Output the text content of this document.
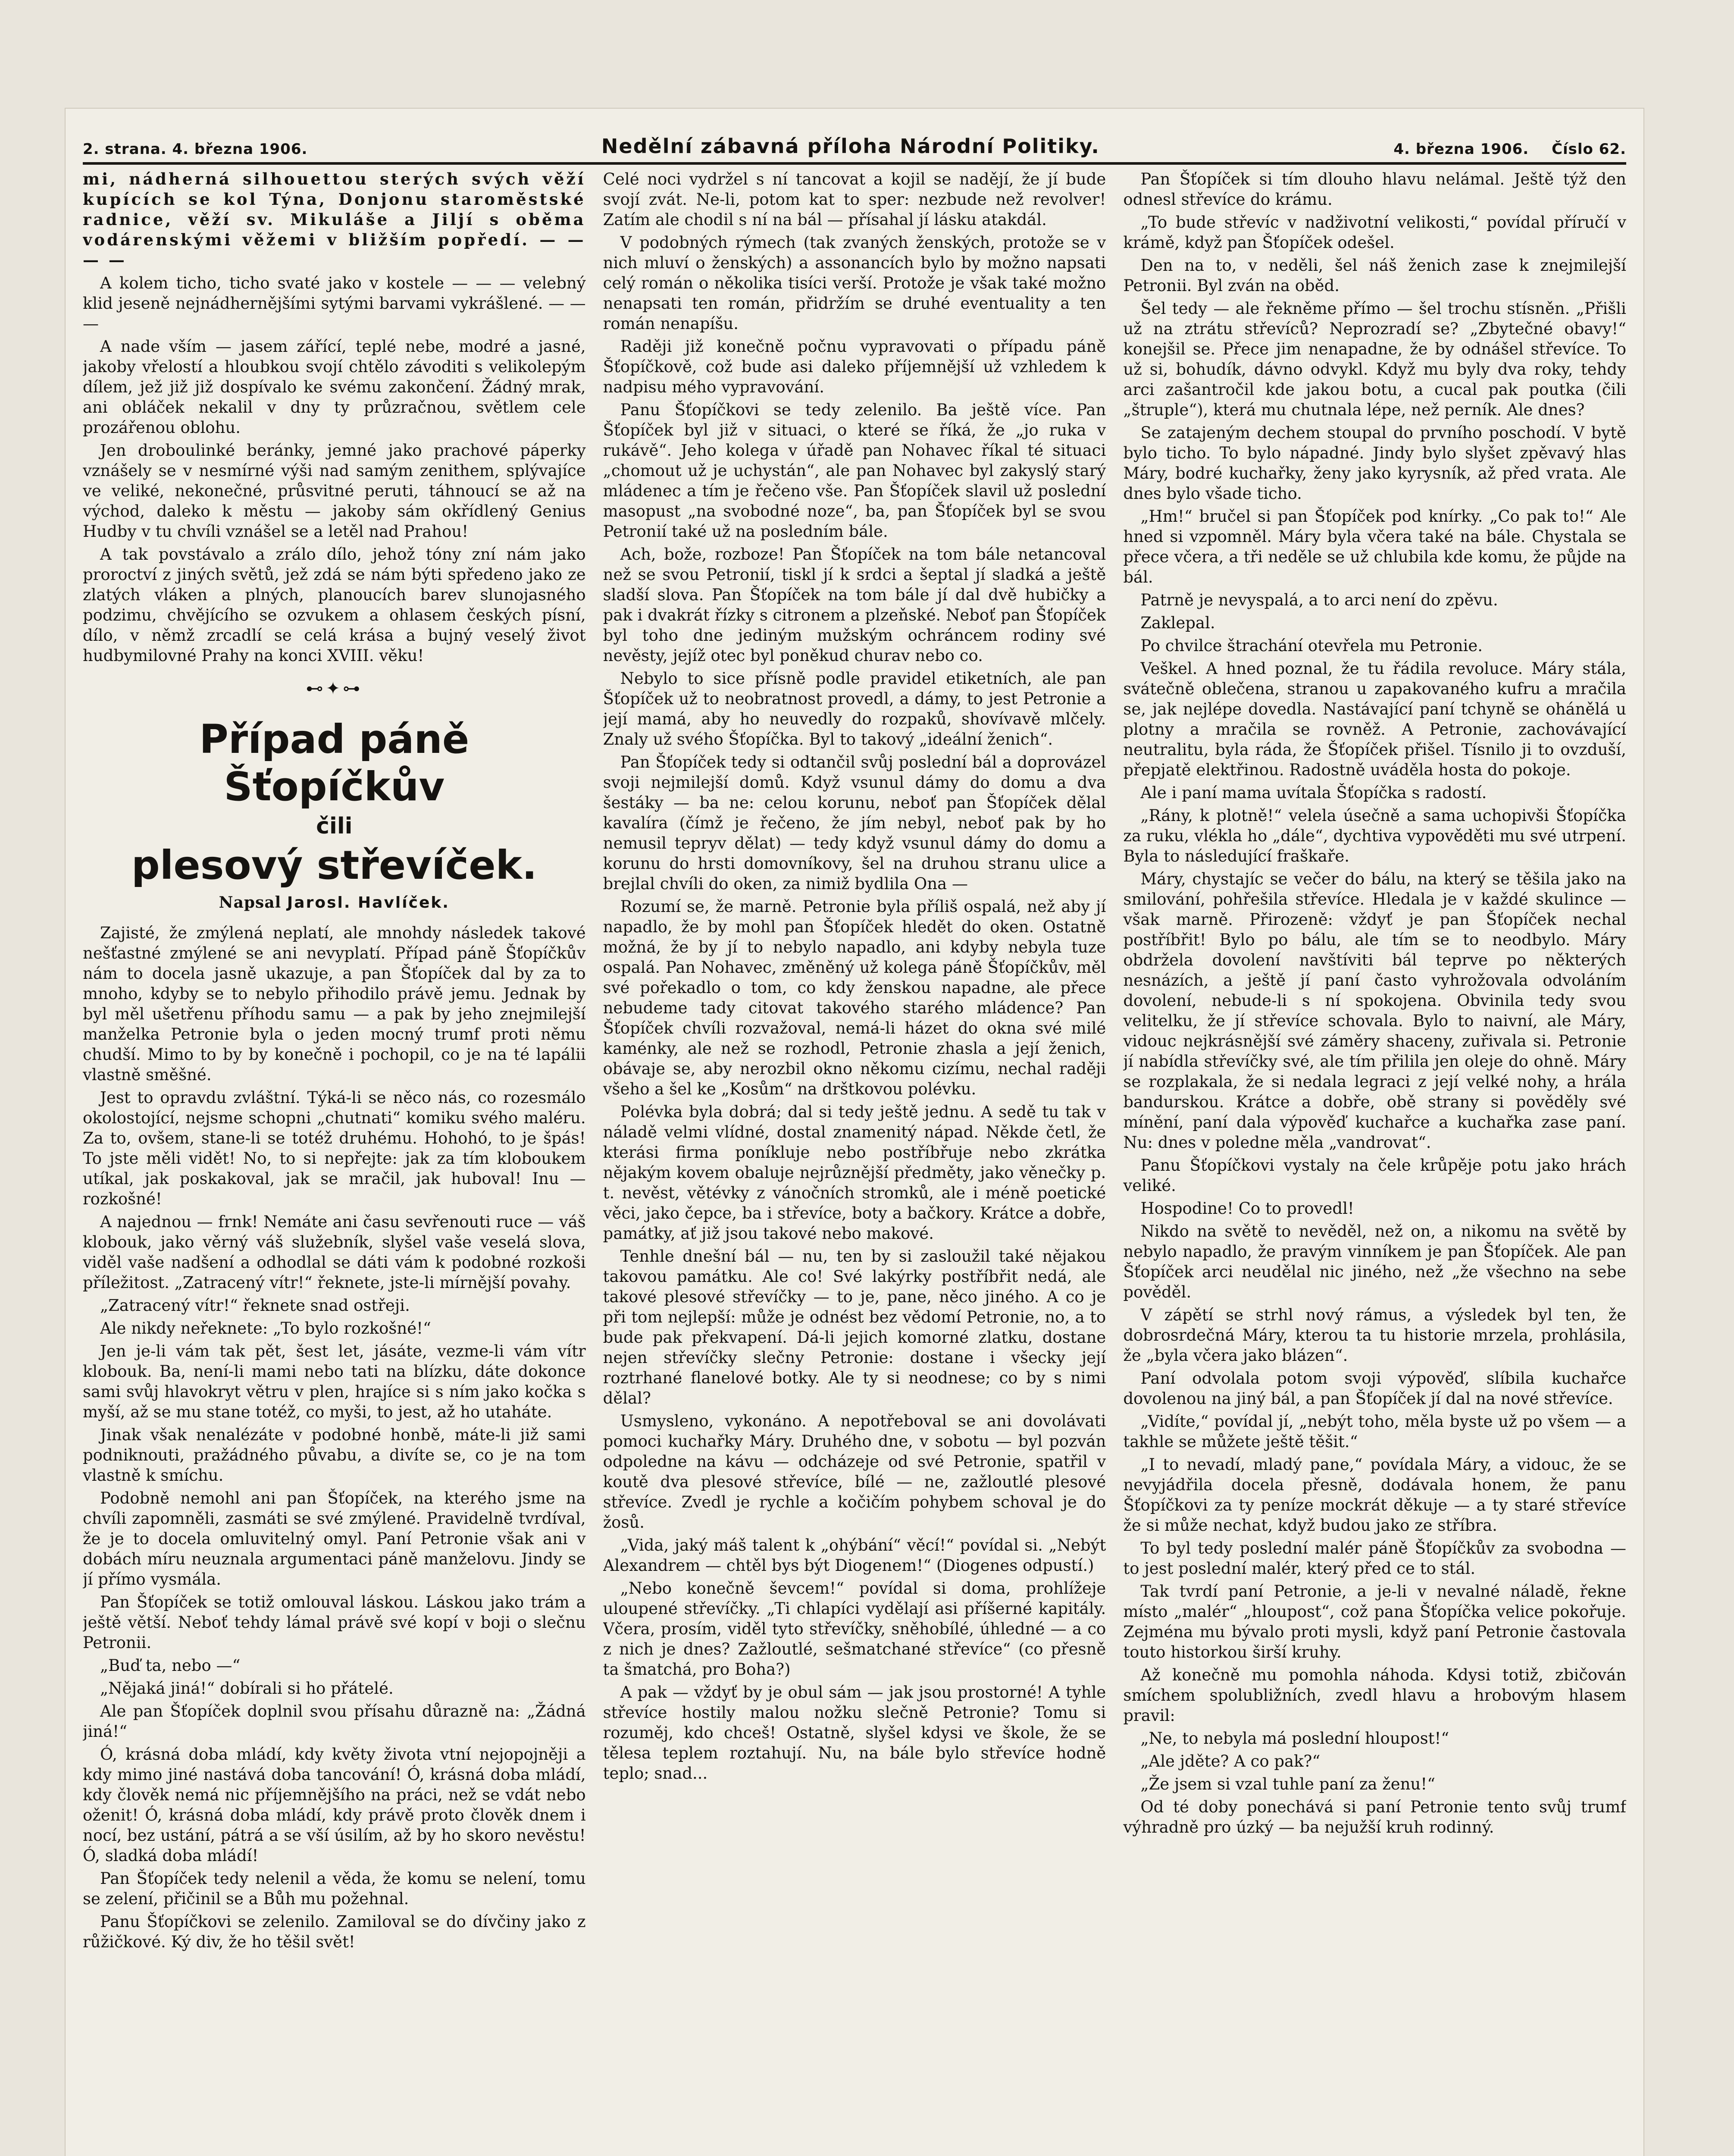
2. strana. 4. března 1906.	Nedělní zábavná příloha Národní Politiky.	4. března 1906. Číslo 62.

mi, nádherná silhouettou sterých svých věží kupících se kol Týna, Donjonu staroměstské radnice, věží sv. Mikuláše a Jiljí s oběma vodárenskými věžemi v bližším popředí. — — — —

A kolem ticho, ticho svaté jako v kostele — — — velebný klid jeseně nejnádhernějšími sytými barvami vykrášlené. — — —

A nade vším — jasem zářící, teplé nebe, modré a jasné, jakoby vřelostí a hloubkou svojí chtělo závoditi s velikolepým dílem, jež již již dospívalo ke svému zakončení. Žádný mrak, ani obláček nekalil v dny ty průzračnou, světlem cele prozářenou oblohu.

Jen droboulinké beránky, jemné jako prachové páperky vznášely se v nesmírné výši nad samým zenithem, splývajíce ve veliké, nekonečné, průsvitné peruti, táhnoucí se až na východ, daleko k městu — jakoby sám okřídlený Genius Hudby v tu chvíli vznášel se a letěl nad Prahou!

A tak povstávalo a zrálo dílo, jehož tóny zní nám jako proroctví z jiných světů, jež zdá se nám býti spředeno jako ze zlatých vláken a plných, planoucích barev slunojasného podzimu, chvějícího se ozvukem a ohlasem českých písní, dílo, v němž zrcadlí se celá krása a bujný veselý život hudbymilovné Prahy na konci XVIII. věku!

⊷✦⊶
Případ páně Šťopíčkův
čili
plesový střevíček.
Napsal Jarosl. Havlíček.

Zajisté, že zmýlená neplatí, ale mnohdy následek takové nešťastné zmýlené se ani nevyplatí. Případ páně Šťopíčkův nám to docela jasně ukazuje, a pan Šťopíček dal by za to mnoho, kdyby se to nebylo přihodilo právě jemu. Jednak by byl měl ušetřenu příhodu samu — a pak by jeho znejmilejší manželka Petronie byla o jeden mocný trumf proti němu chudší. Mimo to by by konečně i pochopil, co je na té lapálii vlastně směšné.

Jest to opravdu zvláštní. Týká-li se něco nás, co rozesmálo okolostojící, nejsme schopni „chutnati“ komiku svého maléru. Za to, ovšem, stane-li se totéž druhému. Hohohó, to je špás! To jste měli vidět! No, to si nepřejte: jak za tím kloboukem utíkal, jak poskakoval, jak se mračil, jak huboval! Inu — rozkošné!

A najednou — frnk! Nemáte ani času sevřenouti ruce — váš klobouk, jako věrný váš služebník, slyšel vaše veselá slova, viděl vaše nadšení a odhodlal se dáti vám k podobné rozkoši příležitost. „Zatracený vítr!“ řeknete, jste-li mírnější povahy.

„Zatracený vítr!“ řeknete snad ostřeji.

Ale nikdy neřeknete: „To bylo rozkošné!“

Jen je-li vám tak pět, šest let, jásáte, vezme-li vám vítr klobouk. Ba, není-li mami nebo tati na blízku, dáte dokonce sami svůj hlavokryt větru v plen, hrajíce si s ním jako kočka s myší, až se mu stane totéž, co myši, to jest, až ho utaháte.

Jinak však nenalézáte v podobné honbě, máte-li již sami podniknouti, pražádného půvabu, a divíte se, co je na tom vlastně k smíchu.

Podobně nemohl ani pan Šťopíček, na kterého jsme na chvíli zapomněli, zasmáti se své zmýlené. Pravidelně tvrdíval, že je to docela omluvitelný omyl. Paní Petronie však ani v dobách míru neuznala argumentaci páně manželovu. Jindy se jí přímo vysmála.

Pan Šťopíček se totiž omlouval láskou. Láskou jako trám a ještě větší. Neboť tehdy lámal právě své kopí v boji o slečnu Petronii.

„Buď ta, nebo —“

„Nějaká jiná!“ dobírali si ho přátelé.

Ale pan Šťopíček doplnil svou přísahu důrazně na: „Žádná jiná!“

Ó, krásná doba mládí, kdy květy života vtní nejopojněji a kdy mimo jiné nastává doba tancování! Ó, krásná doba mládí, kdy člověk nemá nic příjemnějšího na práci, než se vdát nebo oženit! Ó, krásná doba mládí, kdy právě proto člověk dnem i nocí, bez ustání, pátrá a se vší úsilím, až by ho skoro nevěstu! Ó, sladká doba mládí!

Pan Šťopíček tedy nelenil a věda, že komu se nelení, tomu se zelení, přičinil se a Bůh mu požehnal.

Panu Šťopíčkovi se zelenilo. Zamiloval se do dívčiny jako z růžičkové. Ký div, že ho těšil svět!

Celé noci vydržel s ní tancovat a kojil se nadějí, že jí bude svojí zvát. Ne-li, potom kat to sper: nezbude než revolver! Zatím ale chodil s ní na bál — přísahal jí lásku atakdál.

V podobných rýmech (tak zvaných ženských, protože se v nich mluví o ženských) a assonancích bylo by možno napsati celý román o několika tisíci verší. Protože je však také možno nenapsati ten román, přidržím se druhé eventuality a ten román nenapíšu.

Raději již konečně počnu vypravovati o případu páně Šťopíčkově, což bude asi daleko příjemnější už vzhledem k nadpisu mého vypravování.

Panu Šťopíčkovi se tedy zelenilo. Ba ještě více. Pan Šťopíček byl již v situaci, o které se říká, že „jo ruka v rukávě“. Jeho kolega v úřadě pan Nohavec říkal té situaci „chomout už je uchystán“, ale pan Nohavec byl zakyslý starý mládenec a tím je řečeno vše. Pan Šťopíček slavil už poslední masopust „na svobodné noze“, ba, pan Šťopíček byl se svou Petronií také už na posledním bále.

Ach, bože, rozboze! Pan Šťopíček na tom bále netancoval než se svou Petronií, tiskl jí k srdci a šeptal jí sladká a ještě sladší slova. Pan Šťopíček na tom bále jí dal dvě hubičky a pak i dvakrát řízky s citronem a plzeňské. Neboť pan Šťopíček byl toho dne jediným mužským ochráncem rodiny své nevěsty, jejíž otec byl poněkud churav nebo co.

Nebylo to sice přísně podle pravidel etiketních, ale pan Šťopíček už to neobratnost provedl, a dámy, to jest Petronie a její mamá, aby ho neuvedly do rozpaků, shovívavě mlčely. Znaly už svého Šťopíčka. Byl to takový „ideální ženich“.

Pan Šťopíček tedy si odtančil svůj poslední bál a doprovázel svoji nejmilejší domů. Když vsunul dámy do domu a dva šestáky — ba ne: celou korunu, neboť pan Šťopíček dělal kavalíra (čímž je řečeno, že jím nebyl, neboť pak by ho nemusil tepryv dělat) — tedy když vsunul dámy do domu a korunu do hrsti domovníkovy, šel na druhou stranu ulice a brejlal chvíli do oken, za nimiž bydlila Ona —

Rozumí se, že marně. Petronie byla příliš ospalá, než aby jí napadlo, že by mohl pan Šťopíček hledět do oken. Ostatně možná, že by jí to nebylo napadlo, ani kdyby nebyla tuze ospalá. Pan Nohavec, změněný už kolega páně Šťopíčkův, měl své pořekadlo o tom, co kdy ženskou napadne, ale přece nebudeme tady citovat takového starého mládence? Pan Šťopíček chvíli rozvažoval, nemá-li házet do okna své milé kaménky, ale než se rozhodl, Petronie zhasla a její ženich, obávaje se, aby nerozbil okno někomu cizímu, nechal raději všeho a šel ke „Kosům“ na drštkovou polévku.

Polévka byla dobrá; dal si tedy ještě jednu. A sedě tu tak v náladě velmi vlídné, dostal znamenitý nápad. Někde četl, že kterási firma poníkluje nebo postříbřuje nebo zkrátka nějakým kovem obaluje nejrůznější předměty, jako věnečky p. t. nevěst, větévky z vánočních stromků, ale i méně poetické věci, jako čepce, ba i střevíce, boty a bačkory. Krátce a dobře, památky, ať již jsou takové nebo makové.

Tenhle dnešní bál — nu, ten by si zasloužil také nějakou takovou památku. Ale co! Své lakýrky postříbřit nedá, ale takové plesové střevíčky — to je, pane, něco jiného. A co je při tom nejlepší: může je odnést bez vědomí Petronie, no, a to bude pak překvapení. Dá-li jejich komorné zlatku, dostane nejen střevíčky slečny Petronie: dostane i všecky její roztrhané flanelové botky. Ale ty si neodnese; co by s nimi dělal?

Usmysleno, vykonáno. A nepotřeboval se ani dovolávati pomoci kuchařky Máry. Druhého dne, v sobotu — byl pozván odpoledne na kávu — odcházeje od své Petronie, spatřil v koutě dva plesové střevíce, bílé — ne, zažloutlé plesové střevíce. Zvedl je rychle a kočičím pohybem schoval je do žosů.

„Vida, jaký máš talent k „ohýbání“ věcí!“ povídal si. „Nebýt Alexandrem — chtěl bys být Diogenem!“ (Diogenes odpustí.)

„Nebo konečně ševcem!“ povídal si doma, prohlížeje uloupené střevíčky. „Ti chlapíci vydělají asi příšerné kapitály. Včera, prosím, viděl tyto střevíčky, sněhobílé, úhledné — a co z nich je dnes? Zažloutlé, sešmatchané střevíce“ (co přesně ta šmatchá, pro Boha?)

A pak — vždyť by je obul sám — jak jsou prostorné! A tyhle střevíce hostily malou nožku slečně Petronie? Tomu si rozuměj, kdo chceš! Ostatně, slyšel kdysi ve škole, že se tělesa teplem roztahují. Nu, na bále bylo střevíce hodně teplo; snad...

Pan Šťopíček si tím dlouho hlavu nelámal. Ještě týž den odnesl střevíce do krámu.

„To bude střevíc v nadživotní velikosti,“ povídal příručí v krámě, když pan Šťopíček odešel.

Den na to, v neděli, šel náš ženich zase k znejmilejší Petronii. Byl zván na oběd.

Šel tedy — ale řekněme přímo — šel trochu stísněn. „Přišli už na ztrátu střevíců? Neprozradí se? „Zbytečné obavy!“ konejšil se. Přece jim nenapadne, že by odnášel střevíce. To už si, bohudík, dávno odvykl. Když mu byly dva roky, tehdy arci zašantročil kde jakou botu, a cucal pak poutka (čili „štruple“), která mu chutnala lépe, než perník. Ale dnes?

Se zatajeným dechem stoupal do prvního poschodí. V bytě bylo ticho. To bylo nápadné. Jindy bylo slyšet zpěvavý hlas Máry, bodré kuchařky, ženy jako kyrysník, až před vrata. Ale dnes bylo všade ticho.

„Hm!“ bručel si pan Šťopíček pod knírky. „Co pak to!“ Ale hned si vzpomněl. Máry byla včera také na bále. Chystala se přece včera, a tři neděle se už chlubila kde komu, že půjde na bál.

Patrně je nevyspalá, a to arci není do zpěvu.

Zaklepal.

Po chvilce štrachání otevřela mu Petronie.

Veškel. A hned poznal, že tu řádila revoluce. Máry stála, svátečně oblečena, stranou u zapakovaného kufru a mračila se, jak nejlépe dovedla. Nastávající paní tchyně se ohánělá u plotny a mračila se rovněž. A Petronie, zachovávající neutralitu, byla ráda, že Šťopíček přišel. Tísnilo ji to ovzduší, přepjatě elektřinou. Radostně uváděla hosta do pokoje.

Ale i paní mama uvítala Šťopíčka s radostí.

„Rány, k plotně!“ velela úsečně a sama uchopivši Šťopíčka za ruku, vlékla ho „dále“, dychtiva vypověděti mu své utrpení. Byla to následující fraškaře.

Máry, chystajíc se večer do bálu, na který se těšila jako na smilování, pohřešila střevíce. Hledala je v každé skulince — však marně. Přirozeně: vždyť je pan Šťopíček nechal postříbřit! Bylo po bálu, ale tím se to neodbylo. Máry obdržela dovolení navštíviti bál teprve po některých nesnázích, a ještě jí paní často vyhrožovala odvoláním dovolení, nebude-li s ní spokojena. Obvinila tedy svou velitelku, že jí střevíce schovala. Bylo to naivní, ale Máry, vidouc nejkrásnější své záměry shaceny, zuřivala si. Petronie jí nabídla střevíčky své, ale tím přilila jen oleje do ohně. Máry se rozplakala, že si nedala legraci z její velké nohy, a hrála bandurskou. Krátce a dobře, obě strany si pověděly své mínění, paní dala výpověď kuchařce a kuchařka zase paní. Nu: dnes v poledne měla „vandrovat“.

Panu Šťopíčkovi vystaly na čele krůpěje potu jako hrách veliké.

Hospodine! Co to provedl!

Nikdo na světě to nevěděl, než on, a nikomu na světě by nebylo napadlo, že pravým vinníkem je pan Šťopíček. Ale pan Šťopíček arci neudělal nic jiného, než „že všechno na sebe pověděl.

V zápětí se strhl nový rámus, a výsledek byl ten, že dobrosrdečná Máry, kterou ta tu historie mrzela, prohlásila, že „byla včera jako blázen“.

Paní odvolala potom svoji výpověď, slíbila kuchařce dovolenou na jiný bál, a pan Šťopíček jí dal na nové střevíce.

„Vidíte,“ povídal jí, „nebýt toho, měla byste už po všem — a takhle se můžete ještě těšit.“

„I to nevadí, mladý pane,“ povídala Máry, a vidouc, že se nevyjádřila docela přesně, dodávala honem, že panu Šťopíčkovi za ty peníze mockrát děkuje — a ty staré střevíce že si může nechat, když budou jako ze stříbra.

To byl tedy poslední malér páně Šťopíčkův za svobodna — to jest poslední malér, který před ce to stál.

Tak tvrdí paní Petronie, a je-li v nevalné náladě, řekne místo „malér“ „hloupost“, což pana Šťopíčka velice pokořuje. Zejména mu bývalo proti mysli, když paní Petronie častovala touto historkou širší kruhy.

Až konečně mu pomohla náhoda. Kdysi totiž, zbičován smíchem spolubližních, zvedl hlavu a hrobovým hlasem pravil:

„Ne, to nebyla má poslední hloupost!“

„Ale jděte? A co pak?“

„Že jsem si vzal tuhle paní za ženu!“

Od té doby ponechává si paní Petronie tento svůj trumf výhradně pro úzký — ba nejužší kruh rodinný.
